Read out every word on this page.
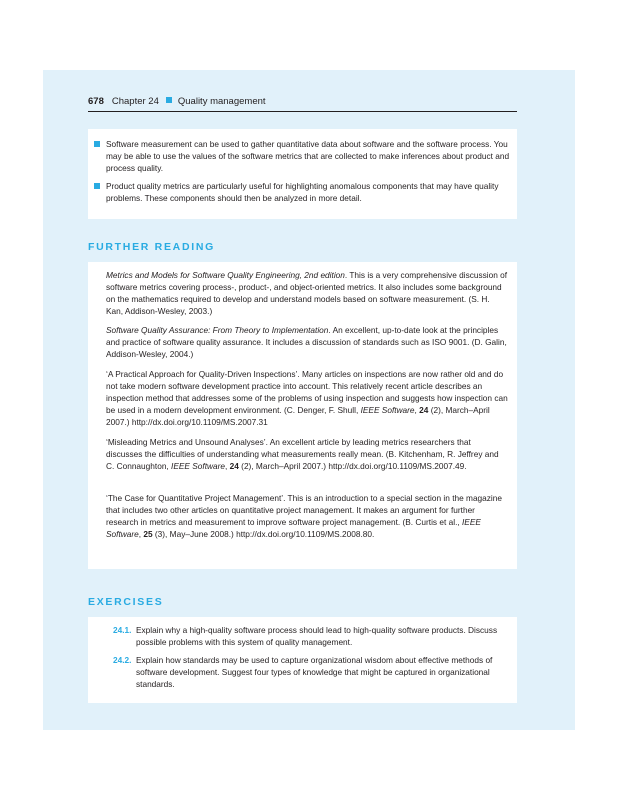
678 Chapter 24 Quality management
Software measurement can be used to gather quantitative data about software and the software process. You may be able to use the values of the software metrics that are collected to make inferences about product and process quality.
Product quality metrics are particularly useful for highlighting anomalous components that may have quality problems. These components should then be analyzed in more detail.
FURTHER READING
Metrics and Models for Software Quality Engineering, 2nd edition. This is a very comprehensive discussion of software metrics covering process-, product-, and object-oriented metrics. It also includes some background on the mathematics required to develop and understand models based on software measurement. (S. H. Kan, Addison-Wesley, 2003.)
Software Quality Assurance: From Theory to Implementation. An excellent, up-to-date look at the principles and practice of software quality assurance. It includes a discussion of standards such as ISO 9001. (D. Galin, Addison-Wesley, 2004.)
‘A Practical Approach for Quality-Driven Inspections’. Many articles on inspections are now rather old and do not take modern software development practice into account. This relatively recent article describes an inspection method that addresses some of the problems of using inspection and suggests how inspection can be used in a modern development environment. (C. Denger, F. Shull, IEEE Software, 24 (2), March–April 2007.) http://dx.doi.org/10.1109/MS.2007.31
‘Misleading Metrics and Unsound Analyses’. An excellent article by leading metrics researchers that discusses the difficulties of understanding what measurements really mean. (B. Kitchenham, R. Jeffrey and C. Connaughton, IEEE Software, 24 (2), March–April 2007.) http://dx.doi.org/10.1109/MS.2007.49.
‘The Case for Quantitative Project Management’. This is an introduction to a special section in the magazine that includes two other articles on quantitative project management. It makes an argument for further research in metrics and measurement to improve software project management. (B. Curtis et al., IEEE Software, 25 (3), May–June 2008.) http://dx.doi.org/10.1109/MS.2008.80.
EXERCISES
24.1. Explain why a high-quality software process should lead to high-quality software products. Discuss possible problems with this system of quality management.
24.2. Explain how standards may be used to capture organizational wisdom about effective methods of software development. Suggest four types of knowledge that might be captured in organizational standards.
